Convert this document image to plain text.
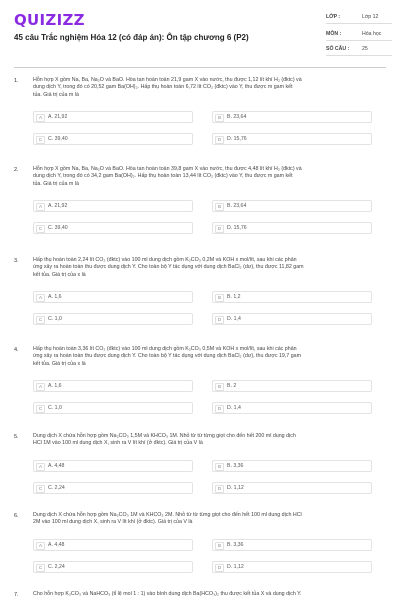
QUIZIZZ
45 câu Trắc nghiệm Hóa 12 (có đáp án): Ôn tập chương 6 (P2)
LỚP :	Lớp 12
MÔN :	Hóa học
SỐ CÂU : 25
1.	Hỗn hợp X gồm Na, Ba, Na₂O và BaO. Hòa tan hoàn toàn 21,9 gam X vào nước, thu được 1,12 lít khí H₂ (đktc) và
dung dịch Y, trong đó có 20,52 gam Ba(OH)₂. Hấp thụ hoàn toàn 6,72 lít CO₂ (đktc) vào Y, thu được m gam kết
tủa. Giá trị của m là
A	A. 21,92	B	B. 23,64
C	C. 39,40	D	D. 15,76
2.	Hỗn hợp X gồm Na, Ba, Na₂O và BaO. Hòa tan hoàn toàn 39,8 gam X vào nước, thu được 4,48 lít khí H₂ (đktc) và
dung dịch Y, trong đó có 34,2 gam Ba(OH)₂. Hấp thụ hoàn toàn 13,44 lít CO₂ (đktc) vào Y, thu được m gam kết
tủa. Giá trị của m là
A	A. 21,92	B	B. 23,64
C	C. 39,40	D	D. 15,76
3.	Hấp thụ hoàn toàn 2,24 lít CO₂ (đktc) vào 100 ml dung dịch gồm K₂CO₃ 0,2M và KOH x mol/lít, sau khi các phản
ứng xảy ra hoàn toàn thu được dung dịch Y. Cho toàn bộ Y tác dụng với dung dịch BaCl₂ (dư), thu được 11,82 gam
kết tủa. Giá trị của x là
A	A. 1,6	B	B. 1,2
C	C. 1,0	D	D. 1,4
4.	Hấp thụ hoàn toàn 3,36 lít CO₂ (đktc) vào 100 ml dung dịch gồm K₂CO₃ 0,5M và KOH x mol/lít, sau khi các phản
ứng xảy ra hoàn toàn thu được dung dịch Y. Cho toàn bộ Y tác dụng với dung dịch BaCl₂ (dư), thu được 19,7 gam
kết tủa. Giá trị của x là
A	A. 1,6	B	B. 2
C	C. 1,0	D	D. 1,4
5.	Dung dịch X chứa hỗn hợp gồm Na₂CO₃ 1,5M và KHCO₃ 1M. Nhỏ từ từ từng giọt cho đến hết 200 ml dung dịch
HCl 1M vào 100 ml dung dịch X, sinh ra V lít khí (ở đktc). Giá trị của V là
A	A. 4,48	B	B. 3,36
C	C. 2,24	D	D. 1,12
6.	Dung dịch X chứa hỗn hợp gồm Na₂CO₃ 1M và KHCO₃ 2M. Nhỏ từ từ từng giọt cho đến hết 100 ml dung dịch HCl
2M vào 100 ml dung dịch X, sinh ra V lít khí (ở đktc). Giá trị của V là
A	A. 4,48	B	B. 3,36
C	C. 2,24	D	D. 1,12
7.	Cho hỗn hợp K₂CO₃ và NaHCO₃ (tỉ lệ mol 1 : 1) vào bình dung dịch Ba(HCO₃)₂ thu được kết tủa X và dung dịch Y.
